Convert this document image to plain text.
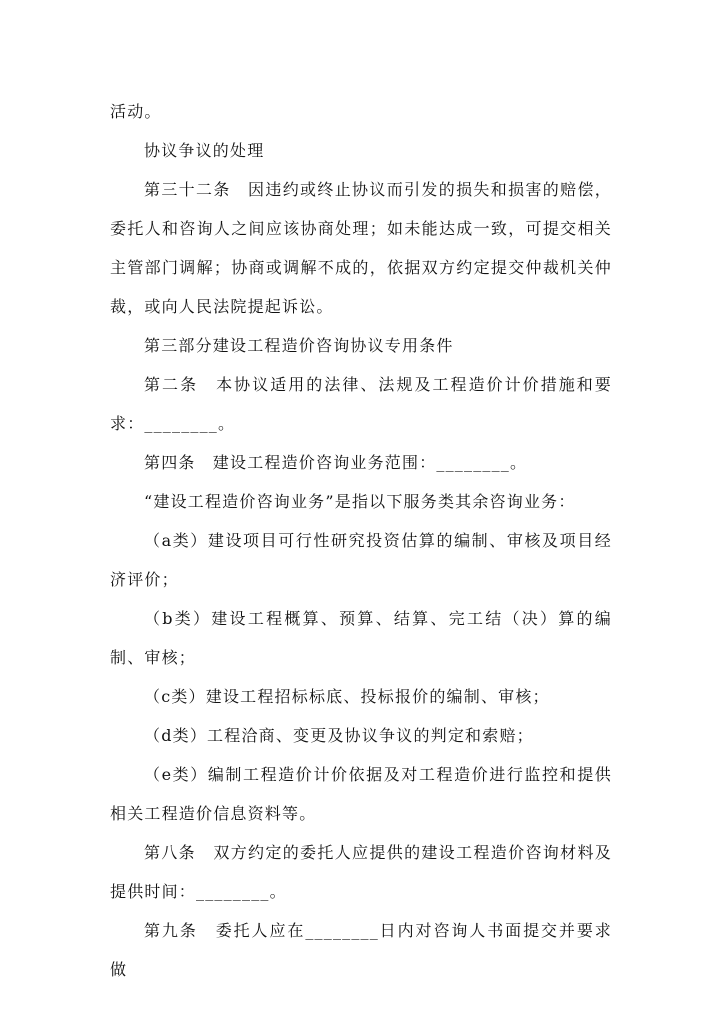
活动。

协议争议的处理

第三十二条　因违约或终止协议而引发的损失和损害的赔偿，委托人和咨询人之间应该协商处理；如未能达成一致，可提交相关主管部门调解；协商或调解不成的，依据双方约定提交仲裁机关仲裁，或向人民法院提起诉讼。

第三部分建设工程造价咨询协议专用条件

第二条　本协议适用的法律、法规及工程造价计价措施和要求：________。

第四条　建设工程造价咨询业务范围：________。

“建设工程造价咨询业务”是指以下服务类其余咨询业务：

（a类）建设项目可行性研究投资估算的编制、审核及项目经济评价；

（b类）建设工程概算、预算、结算、完工结（决）算的编制、审核；

（c类）建设工程招标标底、投标报价的编制、审核；

（d类）工程洽商、变更及协议争议的判定和索赔；

（e类）编制工程造价计价依据及对工程造价进行监控和提供相关工程造价信息资料等。

第八条　双方约定的委托人应提供的建设工程造价咨询材料及提供时间：________。

第九条　委托人应在________日内对咨询人书面提交并要求做
